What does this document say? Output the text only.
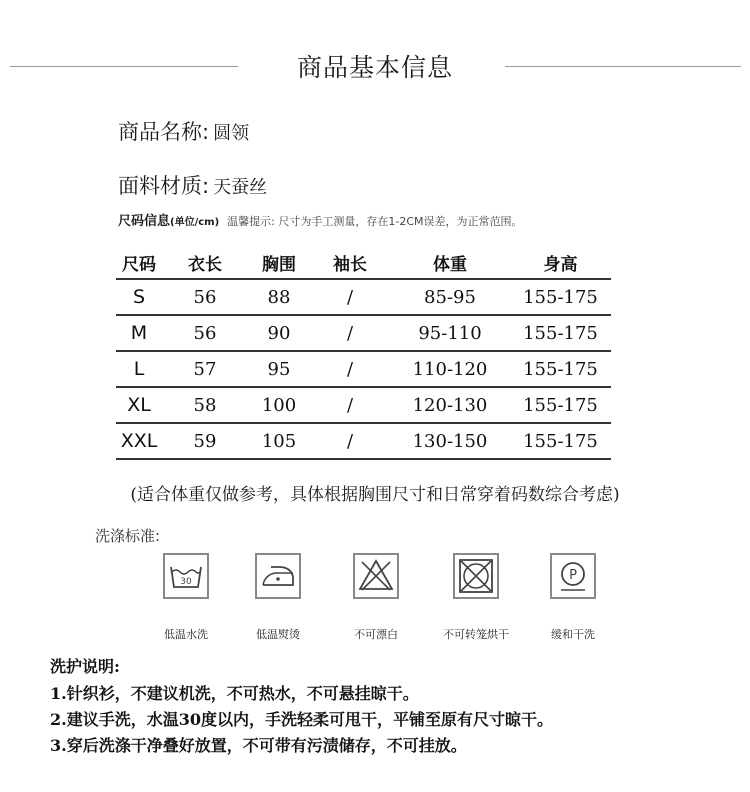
商品基本信息
商品名称: 圆领
面料材质: 天蚕丝
尺码信息(单位/cm) 温馨提示: 尺寸为手工测量，存在1-2CM误差，为正常范围。
尺码	衣长	胸围	袖长	体重	身高
S	56	88	/	85-95	155-175
M	56	90	/	95-110	155-175
L	57	95	/	110-120	155-175
XL	58	100	/	120-130	155-175
XXL	59	105	/	130-150	155-175
(适合体重仅做参考，具体根据胸围尺寸和日常穿着码数综合考虑)
洗涤标准:
30	P
低温水洗	低温熨烫	不可漂白	不可转笼烘干	缓和干洗
洗护说明:
1.针织衫，不建议机洗，不可热水，不可悬挂晾干。
2.建议手洗，水温30度以内，手洗轻柔可甩干，平铺至原有尺寸晾干。
3.穿后洗涤干净叠好放置，不可带有污渍储存，不可挂放。
